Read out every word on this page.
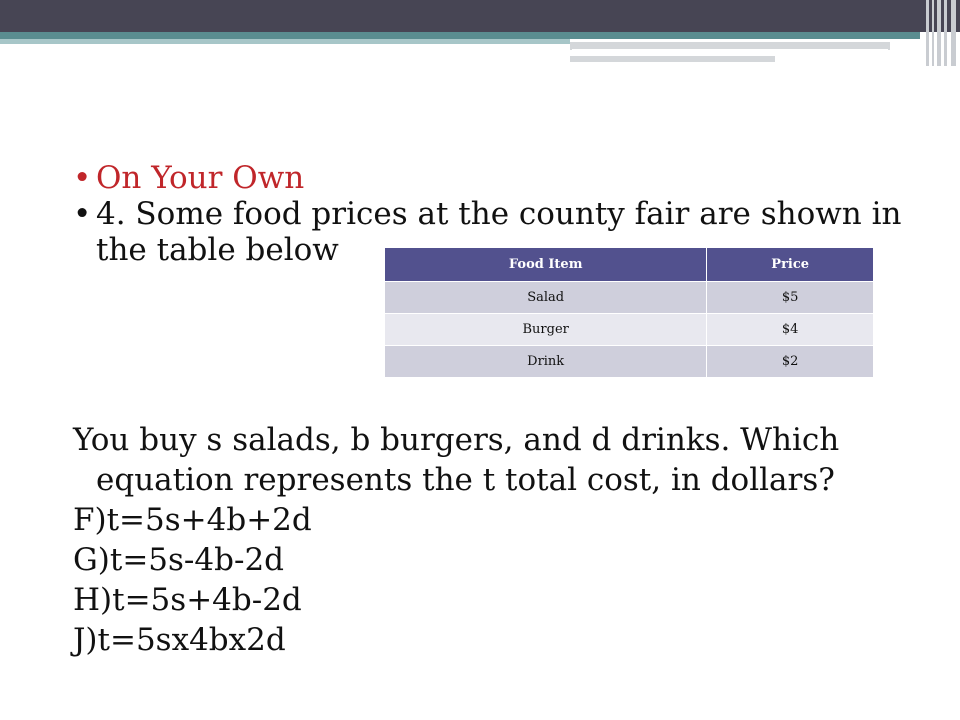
• On Your Own
• 4. Some food prices at the county fair are shown in the table below
You buy s salads, b burgers, and d drinks. Which equation represents the t total cost, in dollars?
F)t=5s+4b+2d
G)t=5s-4b-2d
H)t=5s+4b-2d
J)t=5sx4bx2d
Food Item	Price
Salad	$5
Burger	$4
Drink	$2
